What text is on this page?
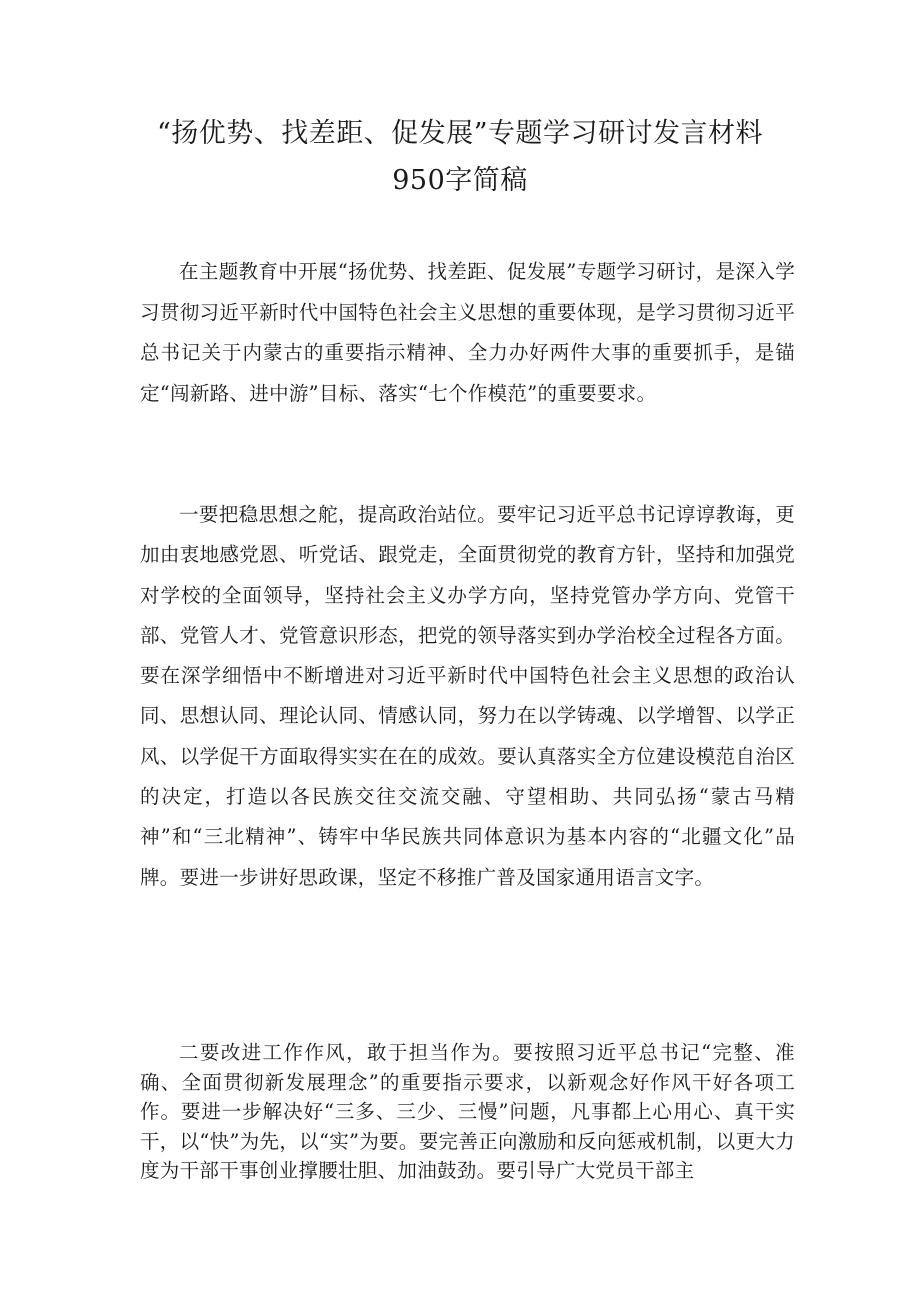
“扬优势、找差距、促发展”专题学习研讨发言材料
950字简稿

在主题教育中开展“扬优势、找差距、促发展”专题学习研讨，是深入学习贯彻习近平新时代中国特色社会主义思想的重要体现，是学习贯彻习近平总书记关于内蒙古的重要指示精神、全力办好两件大事的重要抓手，是锚定“闯新路、进中游”目标、落实“七个作模范”的重要要求。

一要把稳思想之舵，提高政治站位。要牢记习近平总书记谆谆教诲，更加由衷地感党恩、听党话、跟党走，全面贯彻党的教育方针，坚持和加强党对学校的全面领导，坚持社会主义办学方向，坚持党管办学方向、党管干部、党管人才、党管意识形态，把党的领导落实到办学治校全过程各方面。要在深学细悟中不断增进对习近平新时代中国特色社会主义思想的政治认同、思想认同、理论认同、情感认同，努力在以学铸魂、以学增智、以学正风、以学促干方面取得实实在在的成效。要认真落实全方位建设模范自治区的决定，打造以各民族交往交流交融、守望相助、共同弘扬“蒙古马精神”和“三北精神”、铸牢中华民族共同体意识为基本内容的“北疆文化”品牌。要进一步讲好思政课，坚定不移推广普及国家通用语言文字。

二要改进工作作风，敢于担当作为。要按照习近平总书记“完整、准确、全面贯彻新发展理念”的重要指示要求，以新观念好作风干好各项工作。要进一步解决好“三多、三少、三慢”问题，凡事都上心用心、真干实干，以“快”为先，以“实”为要。要完善正向激励和反向惩戒机制，以更大力度为干部干事创业撑腰壮胆、加油鼓劲。要引导广大党员干部主
